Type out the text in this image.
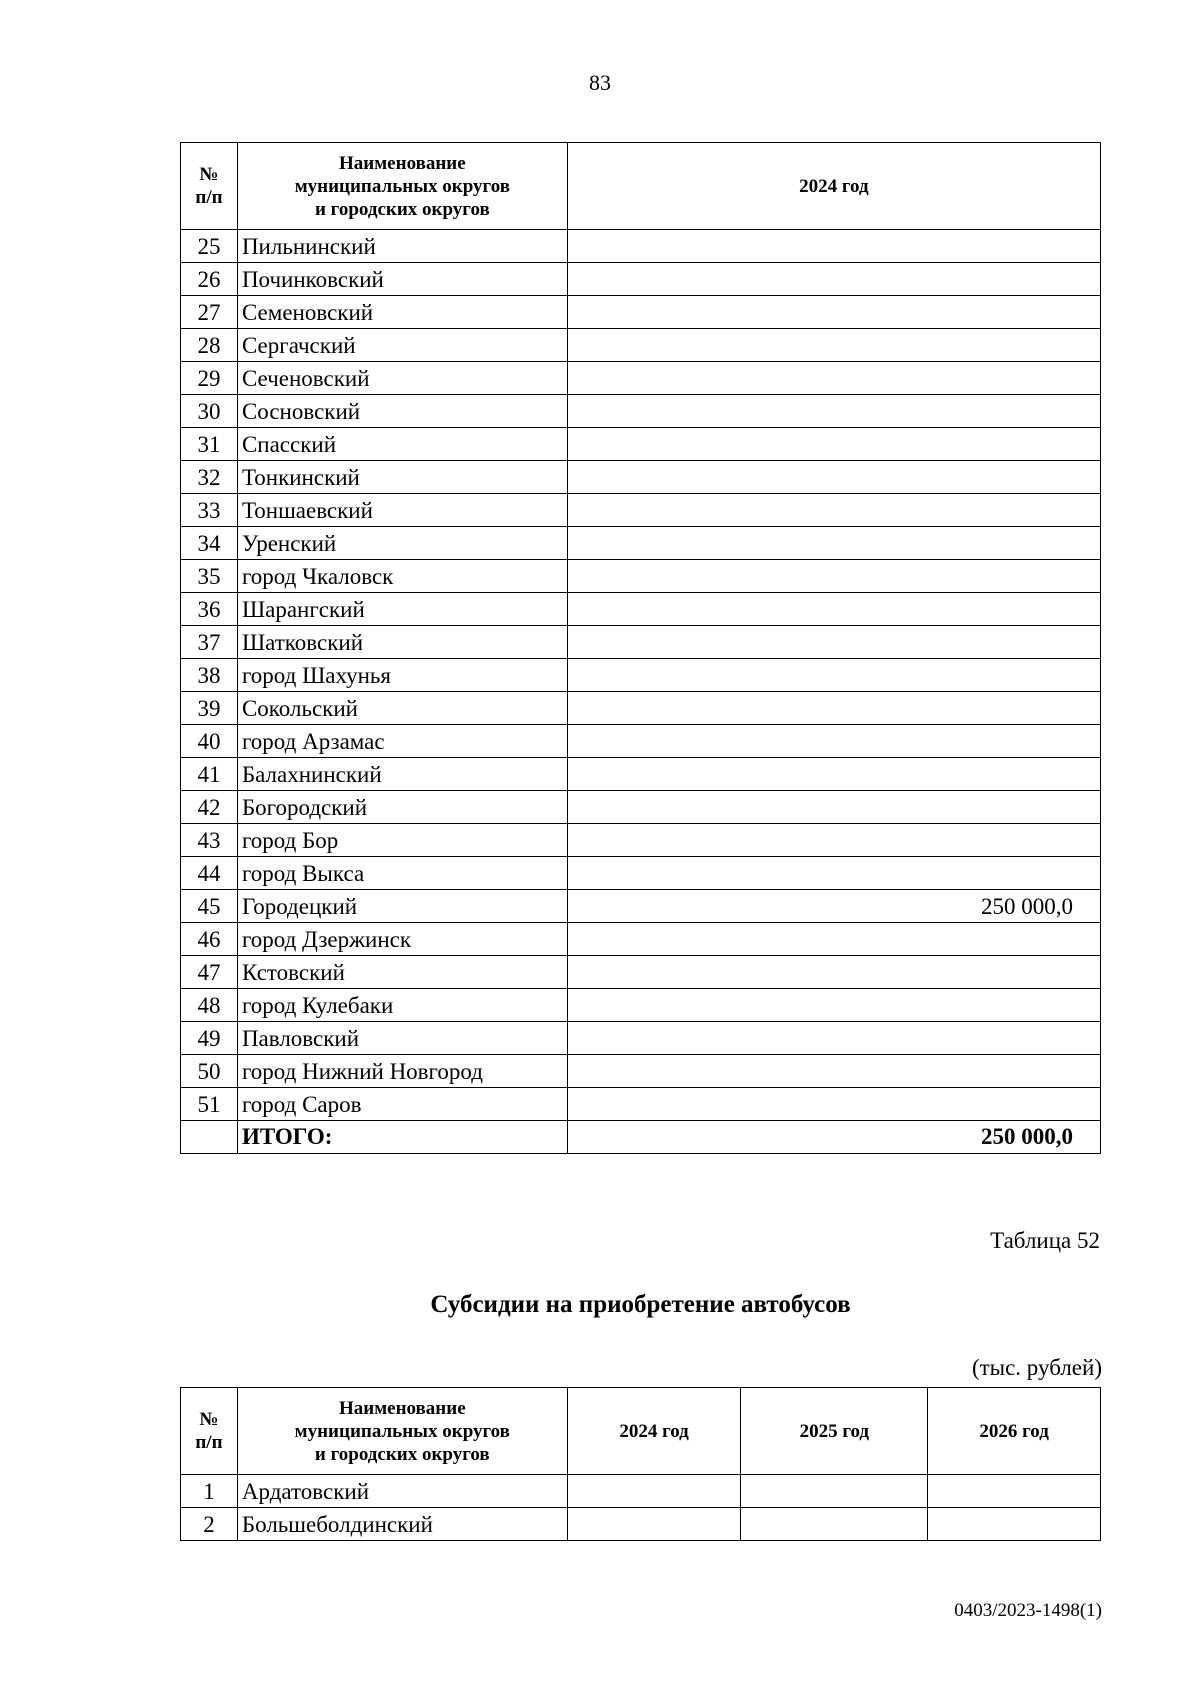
83
№
п/п	Наименование
муниципальных округов
и городских округов	2024 год
25	Пильнинский	
26	Починковский	
27	Семеновский	
28	Сергачский	
29	Сеченовский	
30	Сосновский	
31	Спасский	
32	Тонкинский	
33	Тоншаевский	
34	Уренский	
35	город Чкаловск	
36	Шарангский	
37	Шатковский	
38	город Шахунья	
39	Сокольский	
40	город Арзамас	
41	Балахнинский	
42	Богородский	
43	город Бор	
44	город Выкса	
45	Городецкий	250 000,0
46	город Дзержинск	
47	Кстовский	
48	город Кулебаки	
49	Павловский	
50	город Нижний Новгород	
51	город Саров	
	ИТОГО:	250 000,0
Таблица 52
Субсидии на приобретение автобусов
(тыс. рублей)
№
п/п	Наименование
муниципальных округов
и городских округов	2024 год	2025 год	2026 год
1	Ардатовский			
2	Большеболдинский			
0403/2023-1498(1)
